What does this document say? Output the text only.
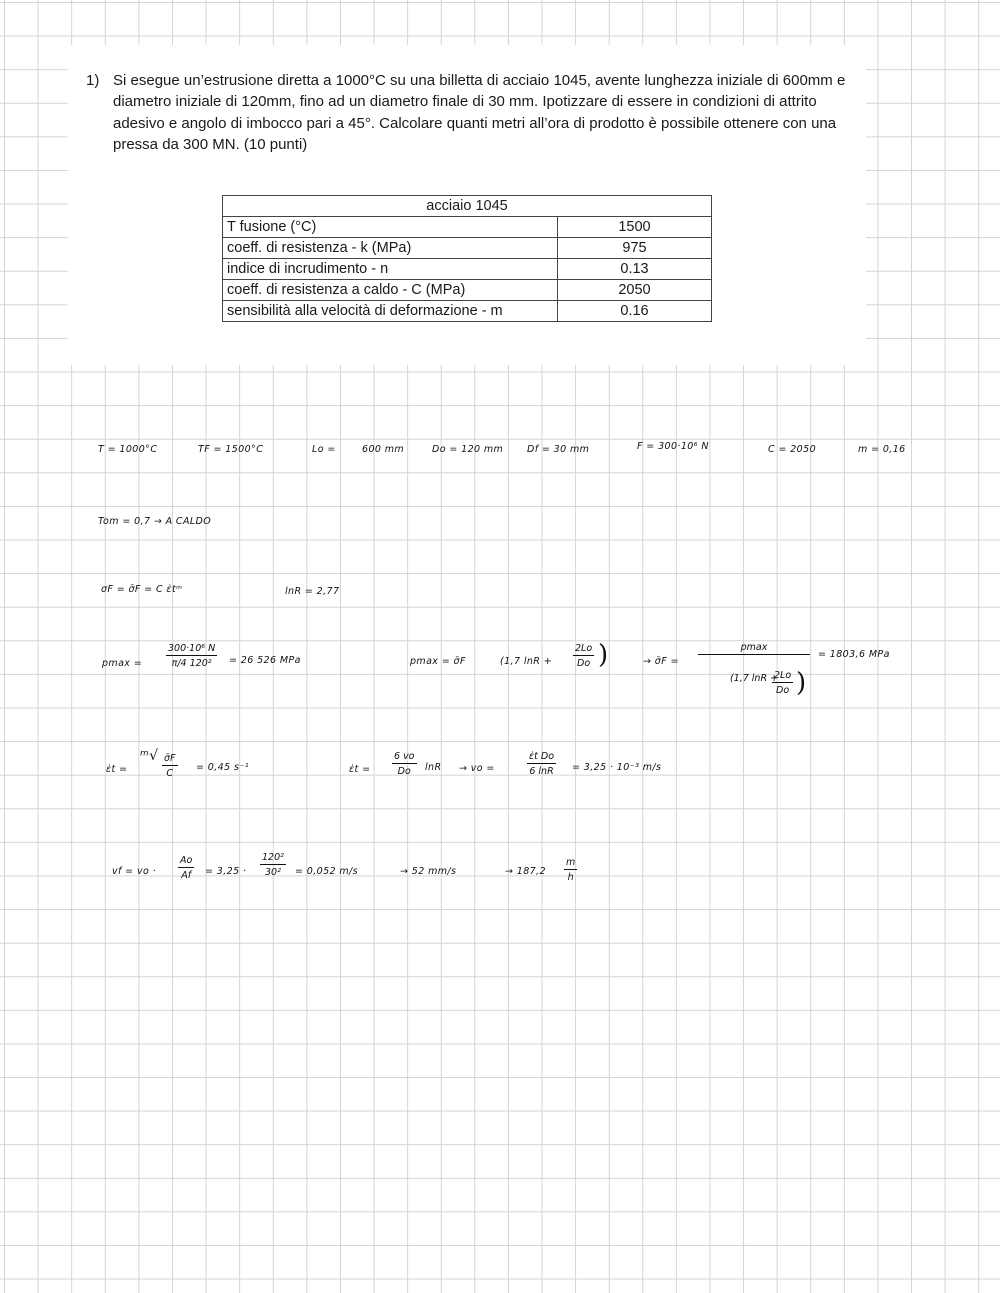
1) Si esegue un’estrusione diretta a 1000°C su una billetta di acciaio 1045, avente lunghezza iniziale di 600mm e diametro iniziale di 120mm, fino ad un diametro finale di 30 mm. Ipotizzare di essere in condizioni di attrito adesivo e angolo di imbocco pari a 45°. Calcolare quanti metri all’ora di prodotto è possibile ottenere con una pressa da 300 MN. (10 punti)
acciaio 1045	
T fusione (°C)	1500
coeff. di resistenza - k (MPa)	975
indice di incrudimento - n	0.13
coeff. di resistenza a caldo - C (MPa)	2050
sensibilità alla velocità di deformazione - m	0.16
T = 1000°C	TF = 1500°C	Lo =	600 mm	Do = 120 mm	Df = 30 mm	F = 300·10⁶ N	C = 2050	m = 0,16
Tom = 0,7 → A CALDO
σF = σ̄F = C ε̇tᵐ	lnR = 2,77
pmax =	$\frac{\text{300·10⁶ N}}{\text{π/4 120²}} = 26$ 526 MPa	pmax = σ̄F	(1,7 $\ln R + \frac{2Lo}{Do}$ )	→ σ̄F =
pmax
(1,7 lnR +
$\frac{2Lo}{Do}$ )
= 1803,6 MPa
ε̇t =
ᵐ√ $\frac{\sigmāF}{C} = 0,45$ s⁻¹	ε̇t = $\frac{6 vo}{Do}$ lnR → vo =	$\frac{\text{ε̇t Do}}{6 \ln R} = 3,25 \cdot 10^{-3}$ m/s
vf = vo · $\frac{Ao}{Af} = 3,25 \cdot \frac{\text{120²}}{\text{30²}} = 0,052$ m/s	→ 52 mm/s	→ $187,2 \frac{m}{h}$
